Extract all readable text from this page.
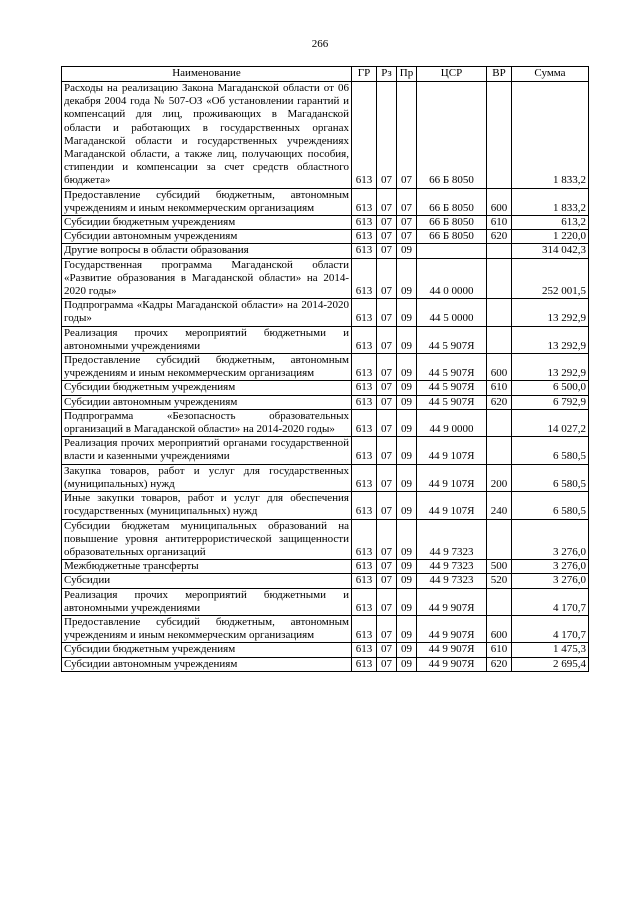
266
Наименование	ГР	Рз	Пр	ЦСР	ВР	Сумма
Расходы на реализацию Закона Магаданской области от 06 декабря 2004 года № 507-ОЗ «Об установлении гарантий и компенсаций для лиц, проживающих в Магаданской области и работающих в государственных органах Магаданской области и государственных учреждениях Магаданской области, а также лиц, получающих пособия, стипендии и компенсации за счет средств областного бюджета»	613	07	07	66 Б 8050		1 833,2
Предоставление субсидий бюджетным, автономным учреждениям и иным некоммерческим организациям	613	07	07	66 Б 8050	600	1 833,2
Субсидии бюджетным учреждениям	613	07	07	66 Б 8050	610	613,2
Субсидии автономным учреждениям	613	07	07	66 Б 8050	620	1 220,0
Другие вопросы в области образования	613	07	09			314 042,3
Государственная программа Магаданской области «Развитие образования в Магаданской области» на 2014-2020 годы»	613	07	09	44 0 0000		252 001,5
Подпрограмма «Кадры Магаданской области» на 2014-2020 годы»	613	07	09	44 5 0000		13 292,9
Реализация прочих мероприятий бюджетными и автономными учреждениями	613	07	09	44 5 907Я		13 292,9
Предоставление субсидий бюджетным, автономным учреждениям и иным некоммерческим организациям	613	07	09	44 5 907Я	600	13 292,9
Субсидии бюджетным учреждениям	613	07	09	44 5 907Я	610	6 500,0
Субсидии автономным учреждениям	613	07	09	44 5 907Я	620	6 792,9
Подпрограмма «Безопасность образовательных организаций в Магаданской области» на 2014-2020 годы»	613	07	09	44 9 0000		14 027,2
Реализация прочих мероприятий органами государственной власти и казенными учреждениями	613	07	09	44 9 107Я		6 580,5
Закупка товаров, работ и услуг для государственных (муниципальных) нужд	613	07	09	44 9 107Я	200	6 580,5
Иные закупки товаров, работ и услуг для обеспечения государственных (муниципальных) нужд	613	07	09	44 9 107Я	240	6 580,5
Субсидии бюджетам муниципальных образований на повышение уровня антитеррористической защищенности образовательных организаций	613	07	09	44 9 7323		3 276,0
Межбюджетные трансферты	613	07	09	44 9 7323	500	3 276,0
Субсидии	613	07	09	44 9 7323	520	3 276,0
Реализация прочих мероприятий бюджетными и автономными учреждениями	613	07	09	44 9 907Я		4 170,7
Предоставление субсидий бюджетным, автономным учреждениям и иным некоммерческим организациям	613	07	09	44 9 907Я	600	4 170,7
Субсидии бюджетным учреждениям	613	07	09	44 9 907Я	610	1 475,3
Субсидии автономным учреждениям	613	07	09	44 9 907Я	620	2 695,4
